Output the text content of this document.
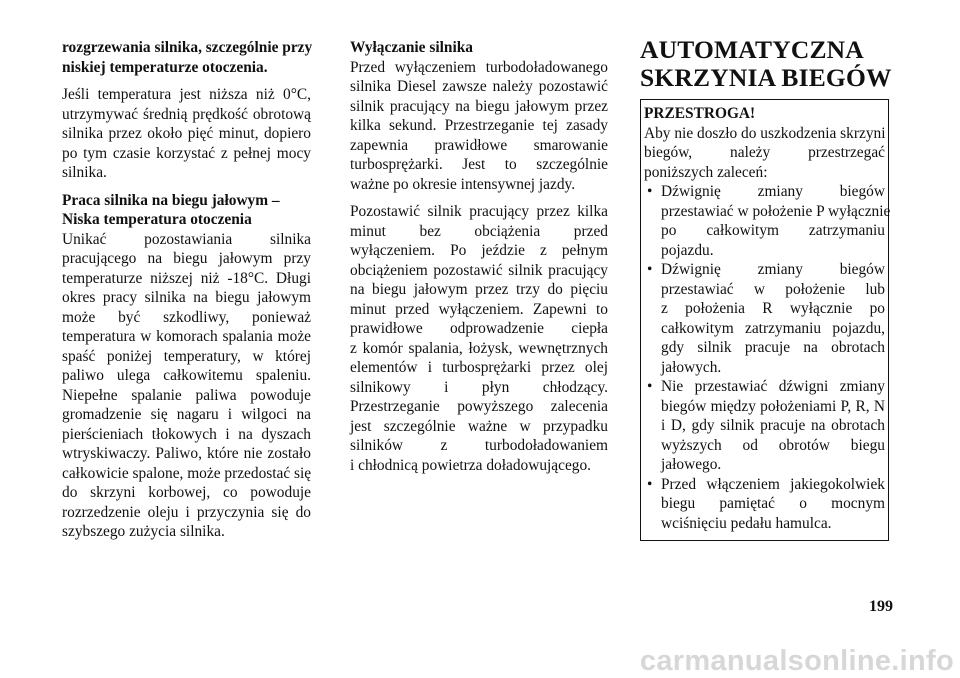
rozgrzewania silnika, szczególnie przy
niskiej temperaturze otoczenia.

Jeśli temperatura jest niższa niż 0°C,
utrzymywać średnią prędkość obrotową
silnika przez około pięć minut, dopiero
po tym czasie korzystać z pełnej mocy
silnika.

Praca silnika na biegu jałowym –
Niska temperatura otoczenia

Unikać pozostawiania silnika
pracującego na biegu jałowym przy
temperaturze niższej niż -18°C. Długi
okres pracy silnika na biegu jałowym
może być szkodliwy, ponieważ
temperatura w komorach spalania może
spaść poniżej temperatury, w której
paliwo ulega całkowitemu spaleniu.
Niepełne spalanie paliwa powoduje
gromadzenie się nagaru i wilgoci na
pierścieniach tłokowych i na dyszach
wtryskiwaczy. Paliwo, które nie zostało
całkowicie spalone, może przedostać się
do skrzyni korbowej, co powoduje
rozrzedzenie oleju i przyczynia się do
szybszego zużycia silnika.

Wyłączanie silnika
Przed wyłączeniem turbodoładowanego
silnika Diesel zawsze należy pozostawić
silnik pracujący na biegu jałowym przez
kilka sekund. Przestrzeganie tej zasady
zapewnia prawidłowe smarowanie
turbosprężarki. Jest to szczególnie
ważne po okresie intensywnej jazdy.

Pozostawić silnik pracujący przez kilka
minut bez obciążenia przed
wyłączeniem. Po jeździe z pełnym
obciążeniem pozostawić silnik pracujący
na biegu jałowym przez trzy do pięciu
minut przed wyłączeniem. Zapewni to
prawidłowe odprowadzenie ciepła
z komór spalania, łożysk, wewnętrznych
elementów i turbosprężarki przez olej
silnikowy i płyn chłodzący.
Przestrzeganie powyższego zalecenia
jest szczególnie ważne w przypadku
silników z turbodoładowaniem
i chłodnicą powietrza doładowującego.

AUTOMATYCZNA
SKRZYNIA BIEGÓW
PRZESTROGA!
Aby nie doszło do uszkodzenia skrzyni
biegów, należy przestrzegać
poniższych zaleceń:
• Dźwignię zmiany biegów
przestawiać w położenie P wyłącznie
po całkowitym zatrzymaniu
pojazdu.
• Dźwignię zmiany biegów
przestawiać w położenie lub
z położenia R wyłącznie po
całkowitym zatrzymaniu pojazdu,
gdy silnik pracuje na obrotach
jałowych.
• Nie przestawiać dźwigni zmiany
biegów między położeniami P, R, N
i D, gdy silnik pracuje na obrotach
wyższych od obrotów biegu
jałowego.
• Przed włączeniem jakiegokolwiek
biegu pamiętać o mocnym
wciśnięciu pedału hamulca.
199
carmanualsonline.info
